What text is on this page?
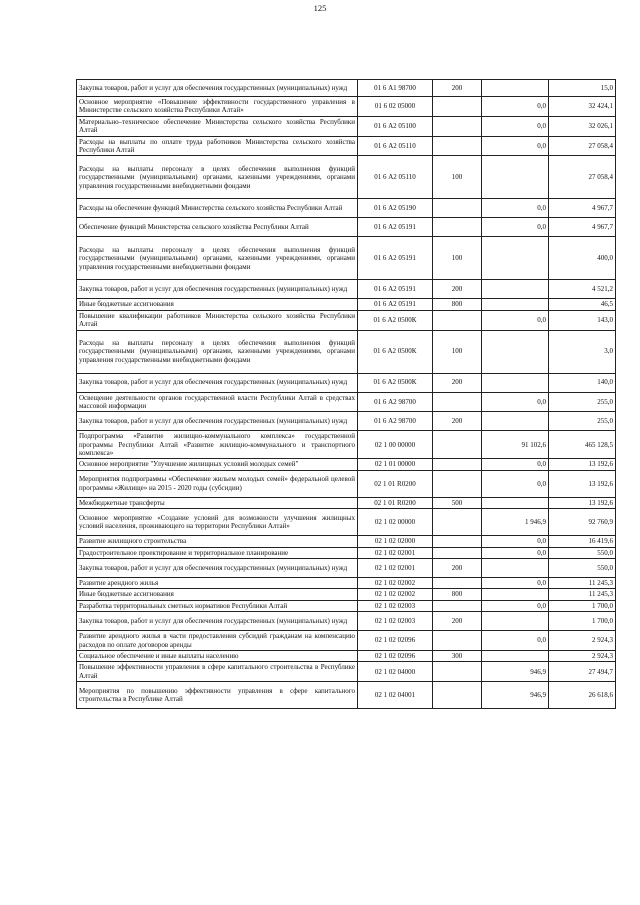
125
Закупка товаров, работ и услуг для обеспечения государственных (муниципальных) нужд	01 6 А1 98700	200		15,0
Основное мероприятие «Повышение эффективности государственного управления в Министерстве сельского хозяйства Республики Алтай»	01 6 02 05000		0,0	32 424,1
Материально–техническое обеспечение Министерства сельского хозяйства Республики Алтай	01 6 А2 05100		0,0	32 026,1
Расходы на выплаты по оплате труда работников Министерства сельского хозяйства Республики Алтай	01 6 А2 05110		0,0	27 058,4
Расходы на выплаты персоналу в целях обеспечения выполнения функций государственными (муниципальными) органами, казенными учреждениями, органами управления государственными внебюджетными фондами	01 6 А2 05110	100		27 058,4
Расходы на обеспечение функций Министерства сельского хозяйства Республики Алтай	01 6 А2 05190		0,0	4 967,7
Обеспечение функций Министерства сельского хозяйства Республики Алтай	01 6 А2 05191		0,0	4 967,7
Расходы на выплаты персоналу в целях обеспечения выполнения функций государственными (муниципальными) органами, казенными учреждениями, органами управления государственными внебюджетными фондами	01 6 А2 05191	100		400,0
Закупка товаров, работ и услуг для обеспечения государственных (муниципальных) нужд	01 6 А2 05191	200		4 521,2
Иные бюджетные ассигнования	01 6 А2 05191	800		46,5
Повышение квалификации работников Министерства сельского хозяйства Республики Алтай	01 6 А2 0500К		0,0	143,0
Расходы на выплаты персоналу в целях обеспечения выполнения функций государственными (муниципальными) органами, казенными учреждениями, органами управления государственными внебюджетными фондами	01 6 А2 0500К	100		3,0
Закупка товаров, работ и услуг для обеспечения государственных (муниципальных) нужд	01 6 А2 0500К	200		140,0
Освещение деятельности органов государственной власти Республики Алтай в средствах массовой информации	01 6 А2 98700		0,0	255,0
Закупка товаров, работ и услуг для обеспечения государственных (муниципальных) нужд	01 6 А2 98700	200		255,0
Подпрограмма «Развитие жилищно-коммунального комплекса» государственной программы Республики Алтай «Развитие жилищно-коммунального и транспортного комплекса»	02 1 00 00000		91 102,6	465 128,5
Основное мероприятие "Улучшение жилищных условий молодых семей"	02 1 01 00000		0,0	13 192,6
Мероприятия подпрограммы «Обеспечение жильем молодых семей» федеральной целевой программы «Жилище» на 2015 - 2020 годы (субсидии)	02 1 01 R0200		0,0	13 192,6
Межбюджетные трансферты	02 1 01 R0200	500		13 192,6
Основное мероприятие «Создание условий для возможности улучшения жилищных условий населения, проживающего на территории Республики Алтай»	02 1 02 00000		1 946,9	92 760,9
Развитие жилищного строительства	02 1 02 02000		0,0	16 419,6
Градостроительное проектирование и территориальное планирование	02 1 02 02001		0,0	550,0
Закупка товаров, работ и услуг для обеспечения государственных (муниципальных) нужд	02 1 02 02001	200		550,0
Развитие арендного жилья	02 1 02 02002		0,0	11 245,3
Иные бюджетные ассигнования	02 1 02 02002	800		11 245,3
Разработка территориальных сметных нормативов Республики Алтай	02 1 02 02003		0,0	1 700,0
Закупка товаров, работ и услуг для обеспечения государственных (муниципальных) нужд	02 1 02 02003	200		1 700,0
Развитие арендного жилья в части предоставления субсидий гражданам на компенсацию расходов по оплате договоров аренды	02 1 02 02096		0,0	2 924,3
Социальное обеспечение и иные выплаты населению	02 1 02 02096	300		2 924,3
Повышение эффективности управления в сфере капитального строительства в Республике Алтай	02 1 02 04000		946,9	27 494,7
Мероприятия по повышению эффективности управления в сфере капитального строительства в Республике Алтай	02 1 02 04001		946,9	26 618,6
